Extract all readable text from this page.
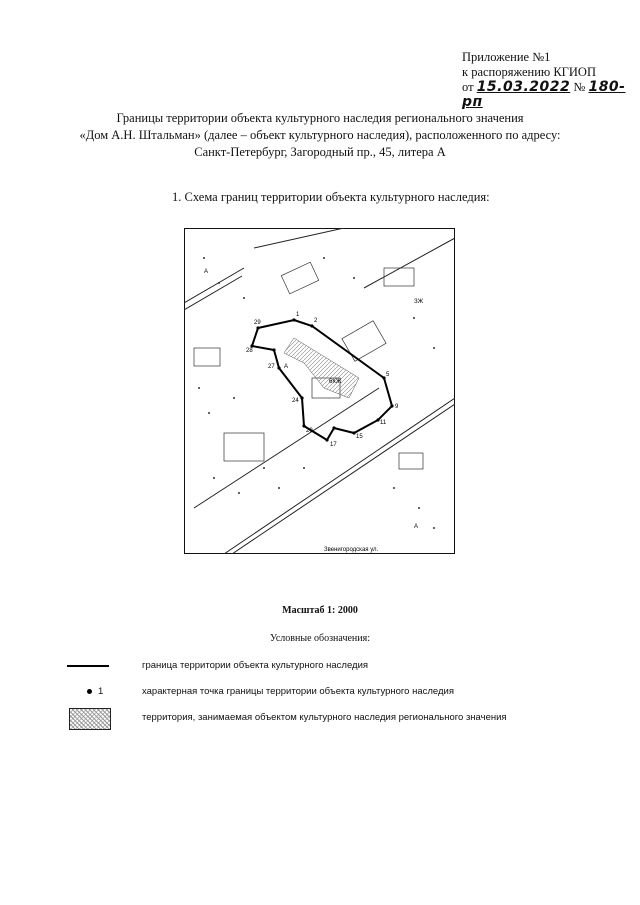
Приложение №1
к распоряжению КГИОП
от 15.03.2022 № 180-рп
Границы территории объекта культурного наследия регионального значения
«Дом А.Н. Штальман» (далее – объект культурного наследия), расположенного по адресу:
Санкт-Петербург, Загородный пр., 45, литера А
1. Схема границ территории объекта культурного наследия:
1
2
5
9
11
15
17
20
24
27
28
29
6КЖ
ЗЖ
А
А
А
Звенигородская ул.
Масштаб 1: 2000
Условные обозначения:
граница территории объекта культурного наследия
1	характерная точка границы территории объекта культурного наследия
территория, занимаемая объектом культурного наследия регионального значения
